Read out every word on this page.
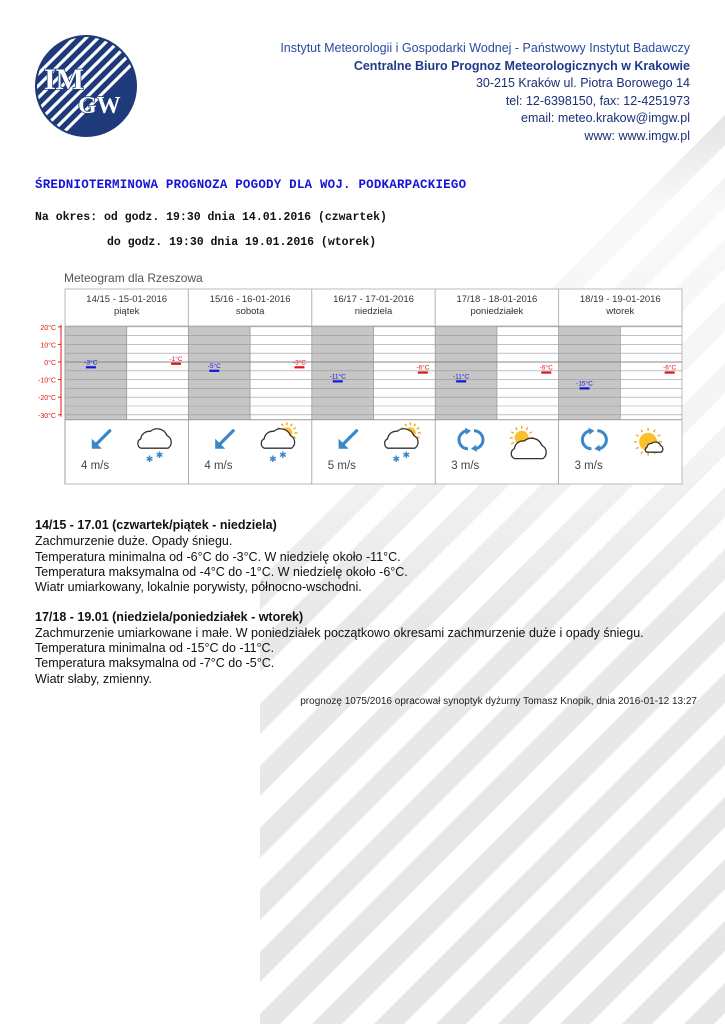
IM
GW
Instytut Meteorologii i Gospodarki Wodnej - Państwowy Instytut Badawczy
Centralne Biuro Prognoz Meteorologicznych w Krakowie
30-215 Kraków ul. Piotra Borowego 14
tel: 12-6398150, fax: 12-4251973
email: meteo.krakow@imgw.pl
www: www.imgw.pl
ŚREDNIOTERMINOWA PROGNOZA POGODY DLA WOJ. PODKARPACKIEGO
Na okres: od godz. 19:30 dnia 14.01.2016 (czwartek)
do godz. 19:30 dnia 19.01.2016 (wtorek)
Meteogram dla Rzeszowa
14/15 - 15-01-2016
piątek
15/16 - 16-01-2016
sobota
16/17 - 17-01-2016
niedziela
17/18 - 18-01-2016
poniedziałek
18/19 - 19-01-2016
wtorek
20°C
10°C
0°C
-10°C
-20°C
-30°C
-3°C
-1°C
-5°C
-3°C
-11°C
-6°C
-11°C
-6°C
-15°C
-6°C
4 m/s	✱ ✱
4 m/s	✱ ✱
5 m/s	✱ ✱
3 m/s	3 m/s
14/15 - 17.01 (czwartek/piątek - niedziela)
Zachmurzenie duże. Opady śniegu.
Temperatura minimalna od -6°C do -3°C. W niedzielę około -11°C.
Temperatura maksymalna od -4°C do -1°C. W niedzielę około -6°C.
Wiatr umiarkowany, lokalnie porywisty, północno-wschodni.
17/18 - 19.01 (niedziela/poniedziałek - wtorek)
Zachmurzenie umiarkowane i małe. W poniedziałek początkowo okresami zachmurzenie duże i opady śniegu.
Temperatura minimalna od -15°C do -11°C.
Temperatura maksymalna od -7°C do -5°C.
Wiatr słaby, zmienny.
prognozę 1075/2016 opracował synoptyk dyżurny Tomasz Knopik, dnia 2016-01-12 13:27
